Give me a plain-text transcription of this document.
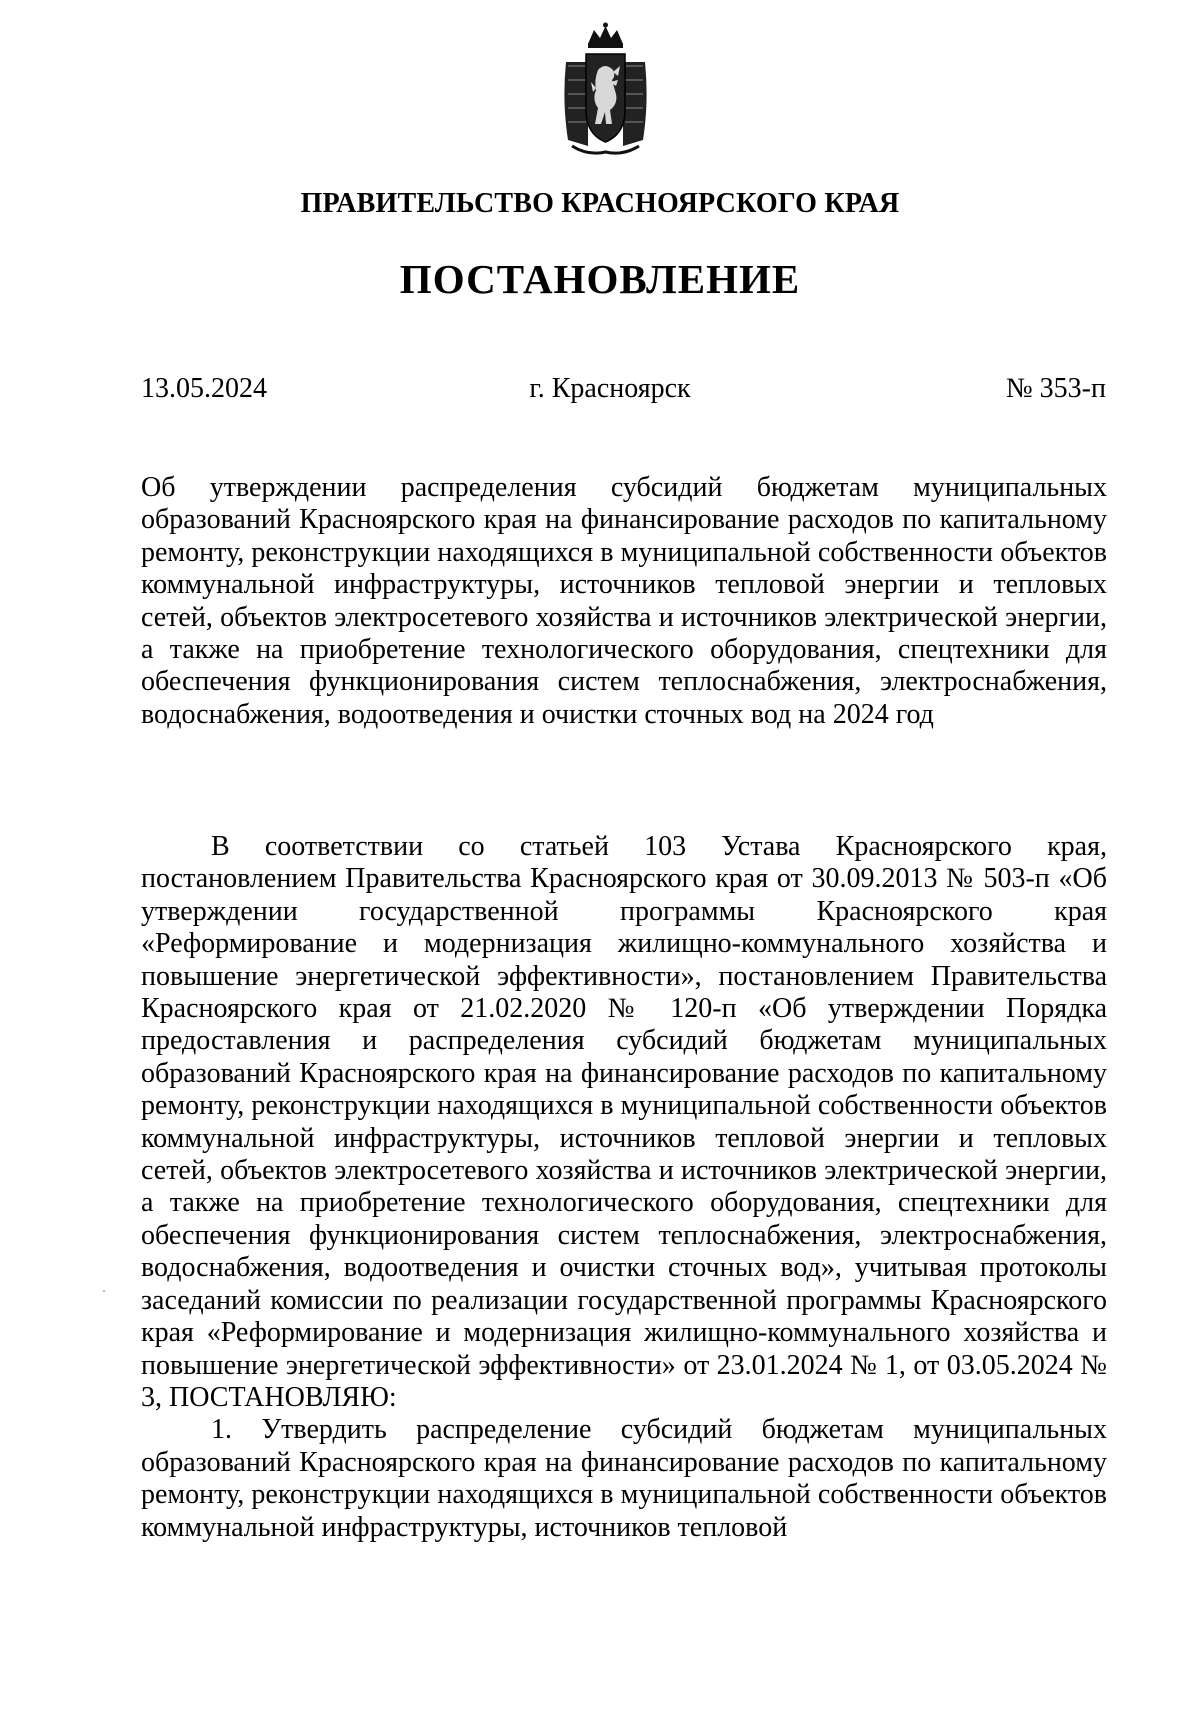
ПРАВИТЕЛЬСТВО КРАСНОЯРСКОГО КРАЯ
ПОСТАНОВЛЕНИЕ
13.05.2024	г. Красноярск	№ 353-п
Об утверждении распределения субсидий бюджетам муниципальных образований Красноярского края на финансирование расходов по капитальному ремонту, реконструкции находящихся в муниципальной собственности объектов коммунальной инфраструктуры, источников тепловой энергии и тепловых сетей, объектов электросетевого хозяйства и источников электрической энергии, а также на приобретение технологического оборудования, спецтехники для обеспечения функционирования систем теплоснабжения, электроснабжения, водоснабжения, водоотведения и очистки сточных вод на 2024 год

В соответствии со статьей 103 Устава Красноярского края, постановлением Правительства Красноярского края от 30.09.2013 № 503-п «Об утверждении государственной программы Красноярского края «Реформирование и модернизация жилищно-коммунального хозяйства и повышение энергетической эффективности», постановлением Правительства Красноярского края от 21.02.2020 № 120-п «Об утверждении Порядка предоставления и распределения субсидий бюджетам муниципальных образований Красноярского края на финансирование расходов по капитальному ремонту, реконструкции находящихся в муниципальной собственности объектов коммунальной инфраструктуры, источников тепловой энергии и тепловых сетей, объектов электросетевого хозяйства и источников электрической энергии, а также на приобретение технологического оборудования, спецтехники для обеспечения функционирования систем теплоснабжения, электроснабжения, водоснабжения, водоотведения и очистки сточных вод», учитывая протоколы заседаний комиссии по реализации государственной программы Красноярского края «Реформирование и модернизация жилищно-коммунального хозяйства и повышение энергетической эффективности» от 23.01.2024 № 1, от 03.05.2024 № 3, ПОСТАНОВЛЯЮ:

1. Утвердить распределение субсидий бюджетам муниципальных образований Красноярского края на финансирование расходов по капитальному ремонту, реконструкции находящихся в муниципальной собственности объектов коммунальной инфраструктуры, источников тепловой
